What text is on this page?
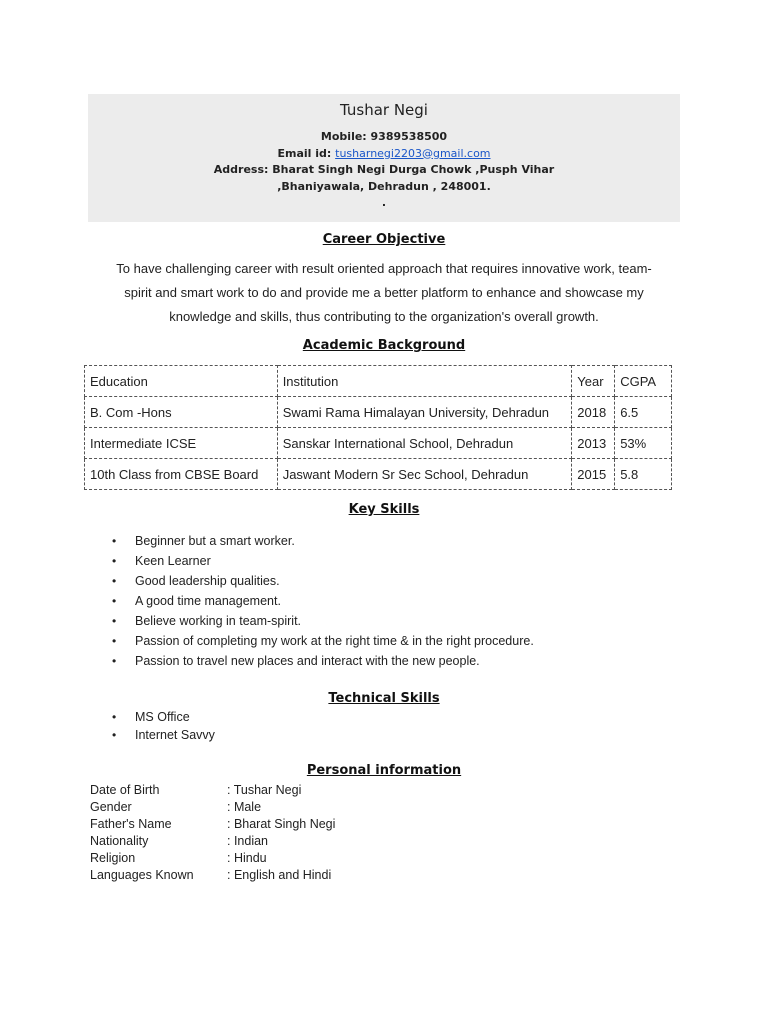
Tushar Negi
Mobile: 9389538500
Email id: tusharnegi2203@gmail.com
Address: Bharat Singh Negi Durga Chowk ,Pusph Vihar
,Bhaniyawala, Dehradun , 248001.
.
Career Objective
To have challenging career with result oriented approach that requires innovative work, team-
spirit and smart work to do and provide me a better platform to enhance and showcase my
knowledge and skills, thus contributing to the organization's overall growth.
Academic Background
Education	Institution	Year	CGPA
B. Com -Hons	Swami Rama Himalayan University, Dehradun	2018	6.5
Intermediate ICSE	Sanskar International School, Dehradun	2013	53%
10th Class from CBSE Board	Jaswant Modern Sr Sec School, Dehradun	2015	5.8
Key Skills
• Beginner but a smart worker.
• Keen Learner
• Good leadership qualities.
• A good time management.
• Believe working in team-spirit.
• Passion of completing my work at the right time & in the right procedure.
• Passion to travel new places and interact with the new people.
Technical Skills
• MS Office
• Internet Savvy
Personal information
Date of Birth	: Tushar Negi
Gender	: Male
Father's Name	: Bharat Singh Negi
Nationality	: Indian
Religion	: Hindu
Languages Known	: English and Hindi
